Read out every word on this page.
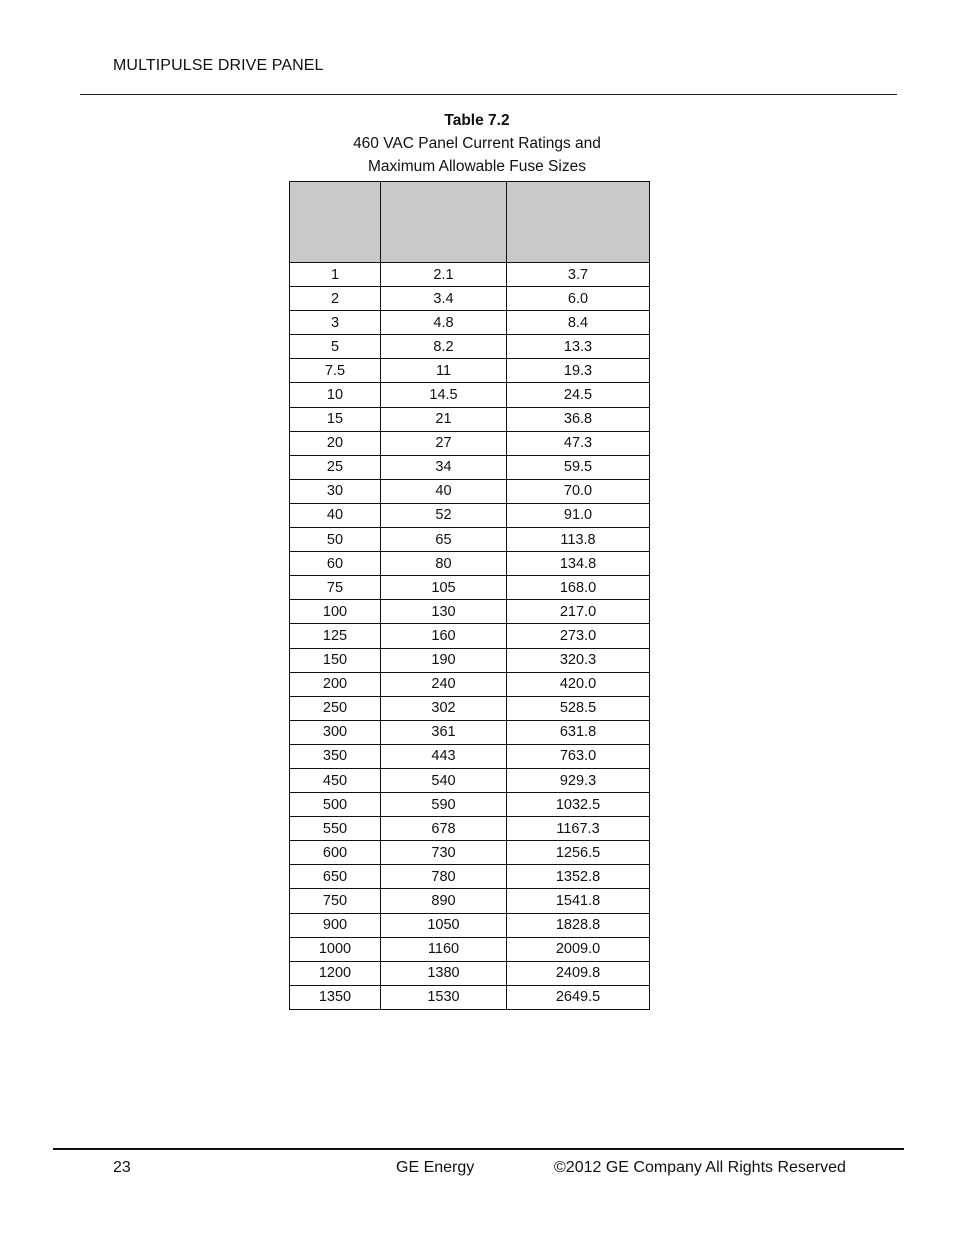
MULTIPULSE DRIVE PANEL
Table 7.2
460 VAC Panel Current Ratings and
Maximum Allowable Fuse Sizes

1	2.1	3.7
2	3.4	6.0
3	4.8	8.4
5	8.2	13.3
7.5	11	19.3
10	14.5	24.5
15	21	36.8
20	27	47.3
25	34	59.5
30	40	70.0
40	52	91.0
50	65	113.8
60	80	134.8
75	105	168.0
100	130	217.0
125	160	273.0
150	190	320.3
200	240	420.0
250	302	528.5
300	361	631.8
350	443	763.0
450	540	929.3
500	590	1032.5
550	678	1167.3
600	730	1256.5
650	780	1352.8
750	890	1541.8
900	1050	1828.8
1000	1160	2009.0
1200	1380	2409.8
1350	1530	2649.5
23	GE Energy	©2012 GE Company All Rights Reserved
